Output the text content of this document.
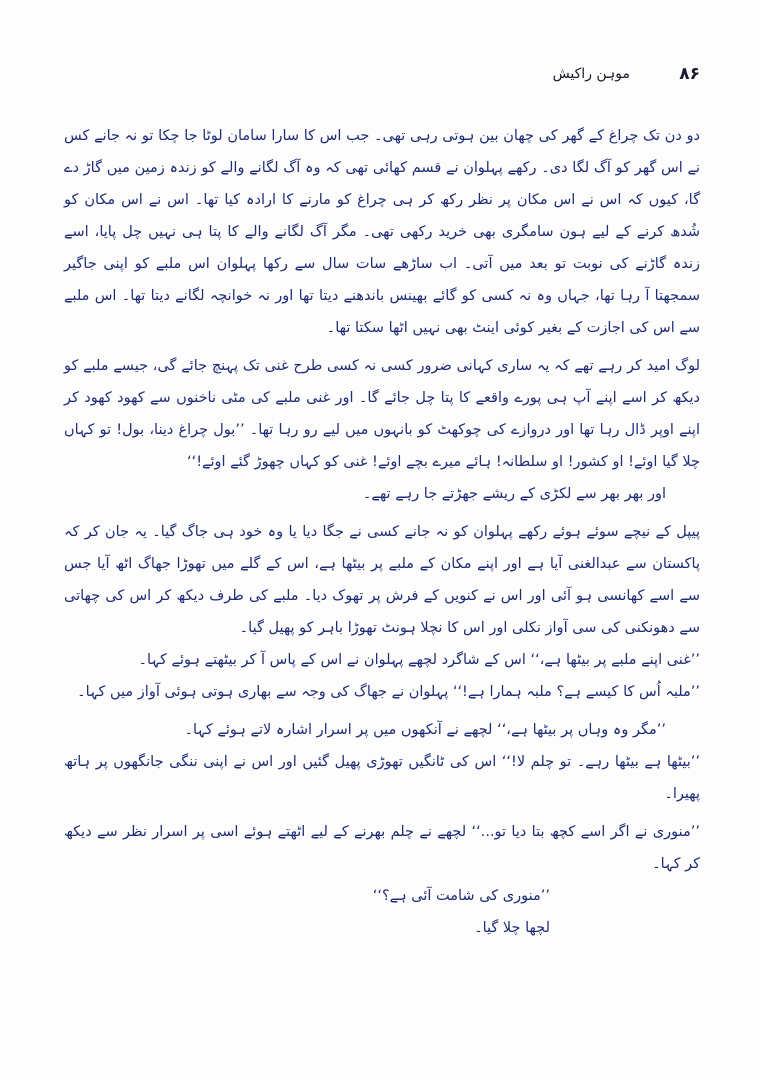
۸۶
موہن راکیش

دو دن تک چراغ کے گھر کی چھان بین ہوتی رہی تھی۔ جب اس کا سارا سامان لوٹا جا چکا تو نہ جانے کس نے اس گھر کو آگ لگا دی۔ رکھے پہلوان نے قسم کھائی تھی کہ وہ آگ لگانے والے کو زندہ زمین میں گاڑ دے گا، کیوں کہ اس نے اس مکان پر نظر رکھ کر ہی چراغ کو مارنے کا ارادہ کیا تھا۔ اس نے اس مکان کو شُدھ کرنے کے لیے ہون سامگری بھی خرید رکھی تھی۔ مگر آگ لگانے والے کا پتا ہی نہیں چل پایا، اسے زندہ گاڑنے کی نوبت تو بعد میں آتی۔ اب ساڑھے سات سال سے رکھا پہلوان اس ملبے کو اپنی جاگیر سمجھتا آ رہا تھا، جہاں وہ نہ کسی کو گائے بھینس باندھنے دیتا تھا اور نہ خوانچہ لگانے دیتا تھا۔ اس ملبے سے اس کی اجازت کے بغیر کوئی اینٹ بھی نہیں اٹھا سکتا تھا۔

لوگ امید کر رہے تھے کہ یہ ساری کہانی ضرور کسی نہ کسی طرح غنی تک پہنچ جائے گی، جیسے ملبے کو دیکھ کر اسے اپنے آپ ہی پورے واقعے کا پتا چل جائے گا۔ اور غنی ملبے کی مٹی ناخنوں سے کھود کھود کر اپنے اوپر ڈال رہا تھا اور دروازے کی چوکھٹ کو بانہوں میں لیے رو رہا تھا۔ ’’بول چراغ دینا، بول! تو کہاں چلا گیا اوئے! او کشور! او سلطانہ! ہائے میرے بچے اوئے! غنی کو کہاں چھوڑ گئے اوئے!‘‘

اور بھر بھر سے لکڑی کے ریشے جھڑتے جا رہے تھے۔

پیپل کے نیچے سوئے ہوئے رکھے پہلوان کو نہ جانے کسی نے جگا دیا یا وہ خود ہی جاگ گیا۔ یہ جان کر کہ پاکستان سے عبدالغنی آیا ہے اور اپنے مکان کے ملبے پر بیٹھا ہے، اس کے گلے میں تھوڑا جھاگ اٹھ آیا جس سے اسے کھانسی ہو آئی اور اس نے کنویں کے فرش پر تھوک دیا۔ ملبے کی طرف دیکھ کر اس کی چھاتی سے دھونکنی کی سی آواز نکلی اور اس کا نچلا ہونٹ تھوڑا باہر کو پھیل گیا۔

’’غنی اپنے ملبے پر بیٹھا ہے،‘‘ اس کے شاگرد لچھے پہلوان نے اس کے پاس آ کر بیٹھتے ہوئے کہا۔

’’ملبہ اُس کا کیسے ہے؟ ملبہ ہمارا ہے!‘‘ پہلوان نے جھاگ کی وجہ سے بھاری ہوتی ہوئی آواز میں کہا۔

’’مگر وہ وہاں پر بیٹھا ہے،‘‘ لچھے نے آنکھوں میں پر اسرار اشارہ لاتے ہوئے کہا۔

’’بیٹھا ہے بیٹھا رہے۔ تو چلم لا!‘‘ اس کی ٹانگیں تھوڑی پھیل گئیں اور اس نے اپنی ننگی جانگھوں پر ہاتھ پھیرا۔

’’منوری نے اگر اسے کچھ بتا دیا تو...‘‘ لچھے نے چلم بھرنے کے لیے اٹھتے ہوئے اسی پر اسرار نظر سے دیکھ کر کہا۔

’’منوری کی شامت آئی ہے؟‘‘

لچھا چلا گیا۔
